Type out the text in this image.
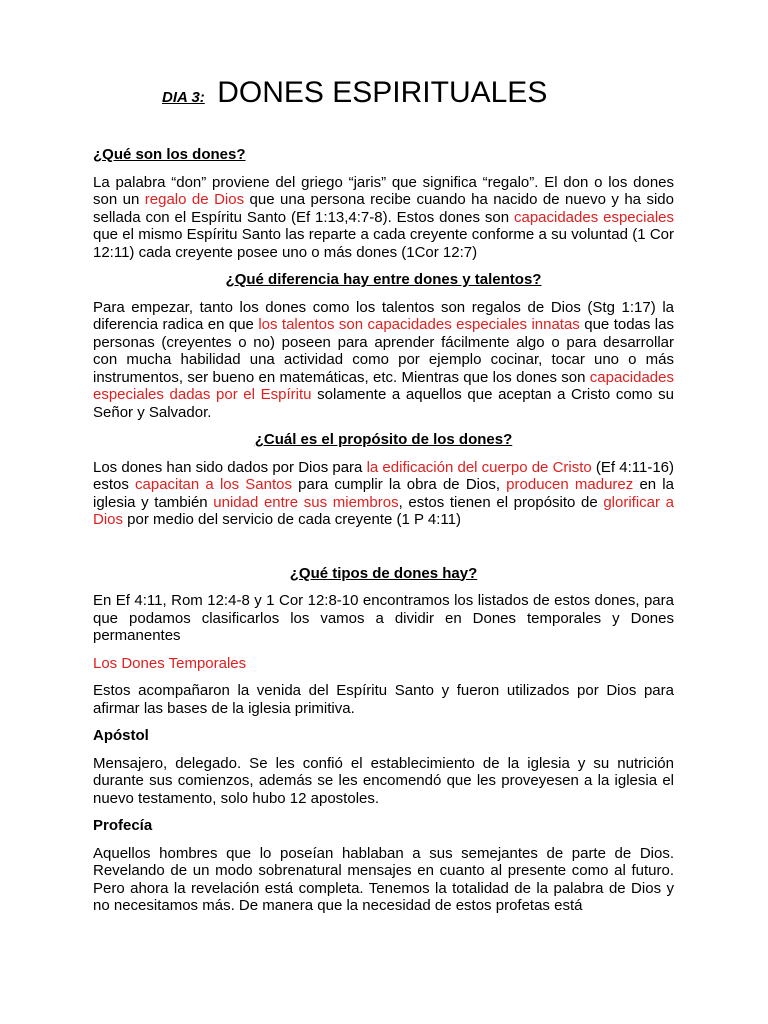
DIA 3: DONES ESPIRITUALES
¿Qué son los dones?

La palabra “don” proviene del griego “jaris” que significa “regalo”. El don o los dones son un regalo de Dios que una persona recibe cuando ha nacido de nuevo y ha sido sellada con el Espíritu Santo (Ef 1:13,4:7-8). Estos dones son capacidades especiales que el mismo Espíritu Santo las reparte a cada creyente conforme a su voluntad (1 Cor 12:11) cada creyente posee uno o más dones (1Cor 12:7)

¿Qué diferencia hay entre dones y talentos?

Para empezar, tanto los dones como los talentos son regalos de Dios (Stg 1:17) la diferencia radica en que los talentos son capacidades especiales innatas que todas las personas (creyentes o no) poseen para aprender fácilmente algo o para desarrollar con mucha habilidad una actividad como por ejemplo cocinar, tocar uno o más instrumentos, ser bueno en matemáticas, etc. Mientras que los dones son capacidades especiales dadas por el Espíritu solamente a aquellos que aceptan a Cristo como su Señor y Salvador.

¿Cuál es el propósito de los dones?

Los dones han sido dados por Dios para la edificación del cuerpo de Cristo (Ef 4:11-16) estos capacitan a los Santos para cumplir la obra de Dios, producen madurez en la iglesia y también unidad entre sus miembros, estos tienen el propósito de glorificar a Dios por medio del servicio de cada creyente (1 P 4:11)

¿Qué tipos de dones hay?

En Ef 4:11, Rom 12:4-8 y 1 Cor 12:8-10 encontramos los listados de estos dones, para que podamos clasificarlos los vamos a dividir en Dones temporales y Dones permanentes

Los Dones Temporales

Estos acompañaron la venida del Espíritu Santo y fueron utilizados por Dios para afirmar las bases de la iglesia primitiva.

Apóstol

Mensajero, delegado. Se les confió el establecimiento de la iglesia y su nutrición durante sus comienzos, además se les encomendó que les proveyesen a la iglesia el nuevo testamento, solo hubo 12 apostoles.

Profecía

Aquellos hombres que lo poseían hablaban a sus semejantes de parte de Dios. Revelando de un modo sobrenatural mensajes en cuanto al presente como al futuro. Pero ahora la revelación está completa. Tenemos la totalidad de la palabra de Dios y no necesitamos más. De manera que la necesidad de estos profetas está
